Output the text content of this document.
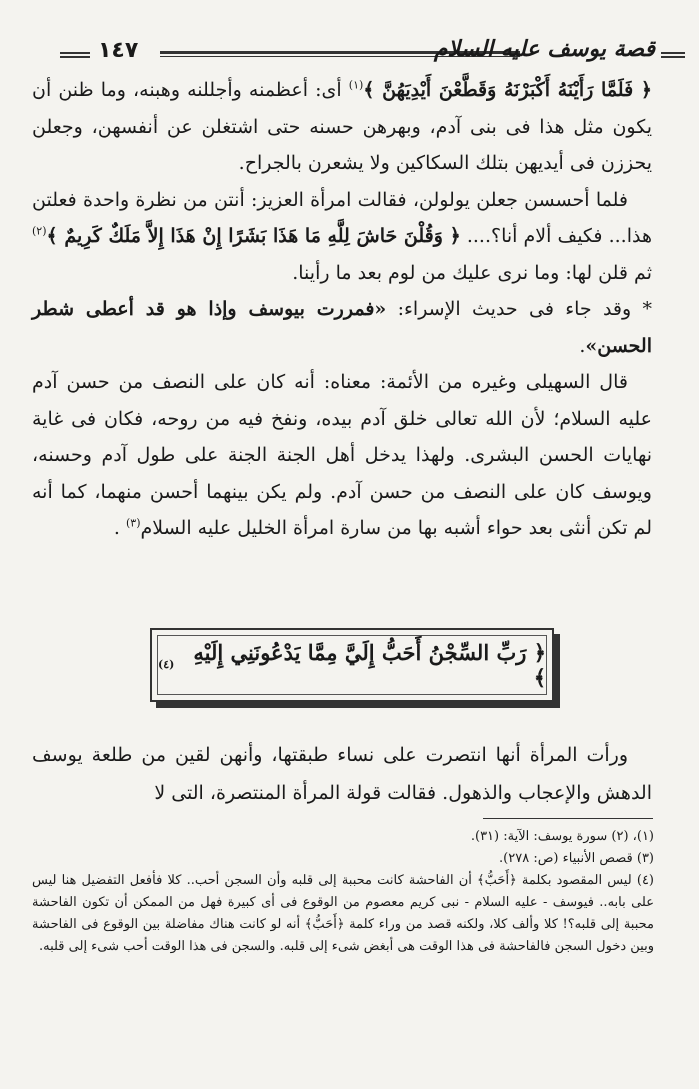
١٤٧	قصة يوسف عليه السلام

﴿ فَلَمَّا رَأَيْنَهُ أَكْبَرْنَهُ وَقَطَّعْنَ أَيْدِيَهُنَّ ﴾$^{(١)}$ أى: أعظمنه وأجللنه وهبنه، وما ظنن أن يكون مثل هذا فى بنى آدم، وبهرهن حسنه حتى اشتغلن عن أنفسهن، وجعلن يحززن فى أيديهن بتلك السكاكين ولا يشعرن بالجراح.

فلما أحسسن جعلن يولولن، فقالت امرأة العزيز: أنتن من نظرة واحدة فعلتن هذا... فكيف ألام أنا؟.... ﴿ وَقُلْنَ حَاشَ لِلَّهِ مَا هَذَا بَشَرًا إِنْ هَذَا إِلاَّ مَلَكٌ كَرِيمٌ ﴾$^{(٢)}$ ثم قلن لها: وما نرى عليك من لوم بعد ما رأينا.

* وقد جاء فى حديث الإسراء: «فمررت بيوسف وإذا هو قد أعطى شطر الحسن».

قال السهيلى وغيره من الأئمة: معناه: أنه كان على النصف من حسن آدم عليه السلام؛ لأن الله تعالى خلق آدم بيده، ونفخ فيه من روحه، فكان فى غاية نهايات الحسن البشرى. ولهذا يدخل أهل الجنة الجنة على طول آدم وحسنه، ويوسف كان على النصف من حسن آدم. ولم يكن بينهما أحسن منهما، كما أنه لم تكن أنثى بعد حواء أشبه بها من سارة امرأة الخليل عليه السلام$^{(٣)}$ .

﴿ رَبِّ السِّجْنُ أَحَبُّ إِلَيَّ مِمَّا يَدْعُونَنِي إِلَيْهِ ﴾
(٤)

ورأت المرأة أنها انتصرت على نساء طبقتها، وأنهن لقين من طلعة يوسف الدهش والإعجاب والذهول. فقالت قولة المرأة المنتصرة، التى لا

(١)، (٢) سورة يوسف: الآية: (٣١).

(٣) قصص الأنبياء (ص: ٢٧٨).

(٤) ليس المقصود بكلمة ﴿أَحَبُّ﴾ أن الفاحشة كانت محببة إلى قلبه وأن السجن أحب.. كلا فأفعل التفضيل هنا ليس على بابه.. فيوسف - عليه السلام - نبى كريم معصوم من الوقوع فى أى كبيرة فهل من الممكن أن تكون الفاحشة محببة إلى قلبه؟! كلا وألف كلا، ولكنه قصد من وراء كلمة ﴿أَحَبُّ﴾ أنه لو كانت هناك مفاضلة بين الوقوع فى الفاحشة وبين دخول السجن فالفاحشة فى هذا الوقت هى أبغض شىء إلى قلبه. والسجن فى هذا الوقت أحب شىء إلى قلبه.
